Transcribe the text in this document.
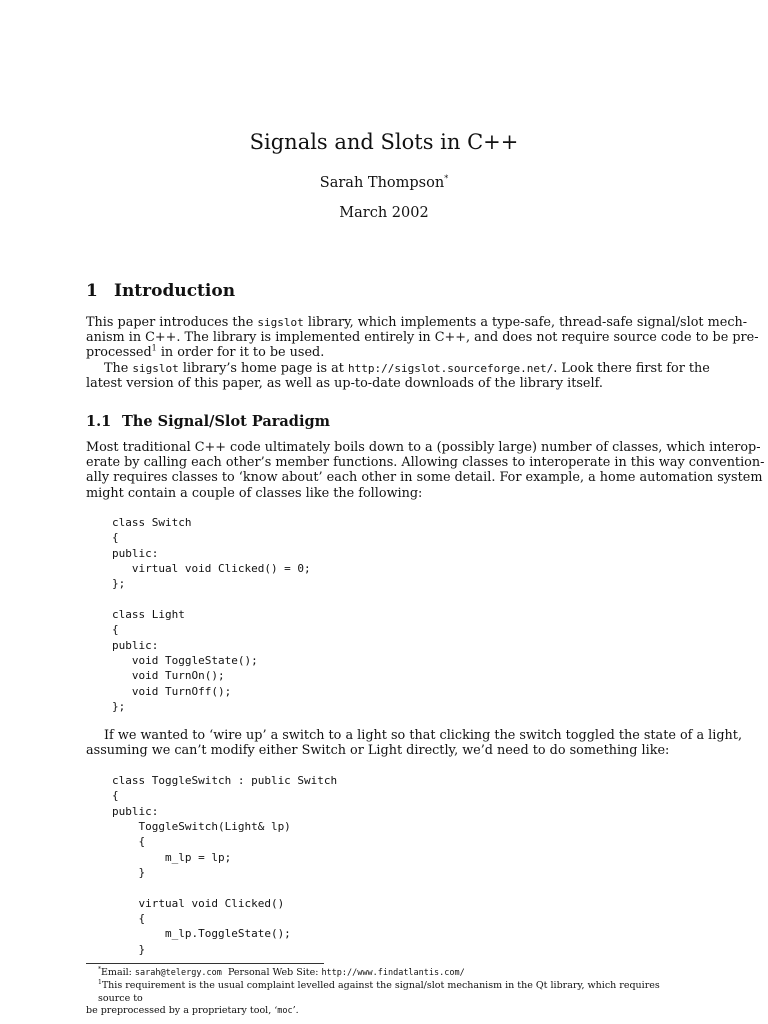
Signals and Slots in C++
Sarah Thompson*
March 2002
1 Introduction
This paper introduces the sigslot library, which implements a type-safe, thread-safe signal/slot mech-
anism in C++. The library is implemented entirely in C++, and does not require source code to be pre-
processed$^1$ in order for it to be used.
The sigslot library’s home page is at http://sigslot.sourceforge.net/. Look there first for the
latest version of this paper, as well as up-to-date downloads of the library itself.
1.1 The Signal/Slot Paradigm
Most traditional C++ code ultimately boils down to a (possibly large) number of classes, which interop-
erate by calling each other’s member functions. Allowing classes to interoperate in this way convention-
ally requires classes to ‘know about’ each other in some detail. For example, a home automation system
might contain a couple of classes like the following:
class Switch
{
public:
virtual void Clicked() = 0;
};

class Light
{
public:
void ToggleState();
void TurnOn();
void TurnOff();
};
If we wanted to ‘wire up’ a switch to a light so that clicking the switch toggled the state of a light,
assuming we can’t modify either Switch or Light directly, we’d need to do something like:
class ToggleSwitch : public Switch
{
public:
ToggleSwitch(Light& lp)
{
m_lp = lp;
}

virtual void Clicked()
{
m_lp.ToggleState();
}
*Email: sarah@telergy.com  Personal Web Site: http://www.findatlantis.com/
$^1$This requirement is the usual complaint levelled against the signal/slot mechanism in the Qt library, which requires source to
be preprocessed by a proprietary tool, ‘moc’.
